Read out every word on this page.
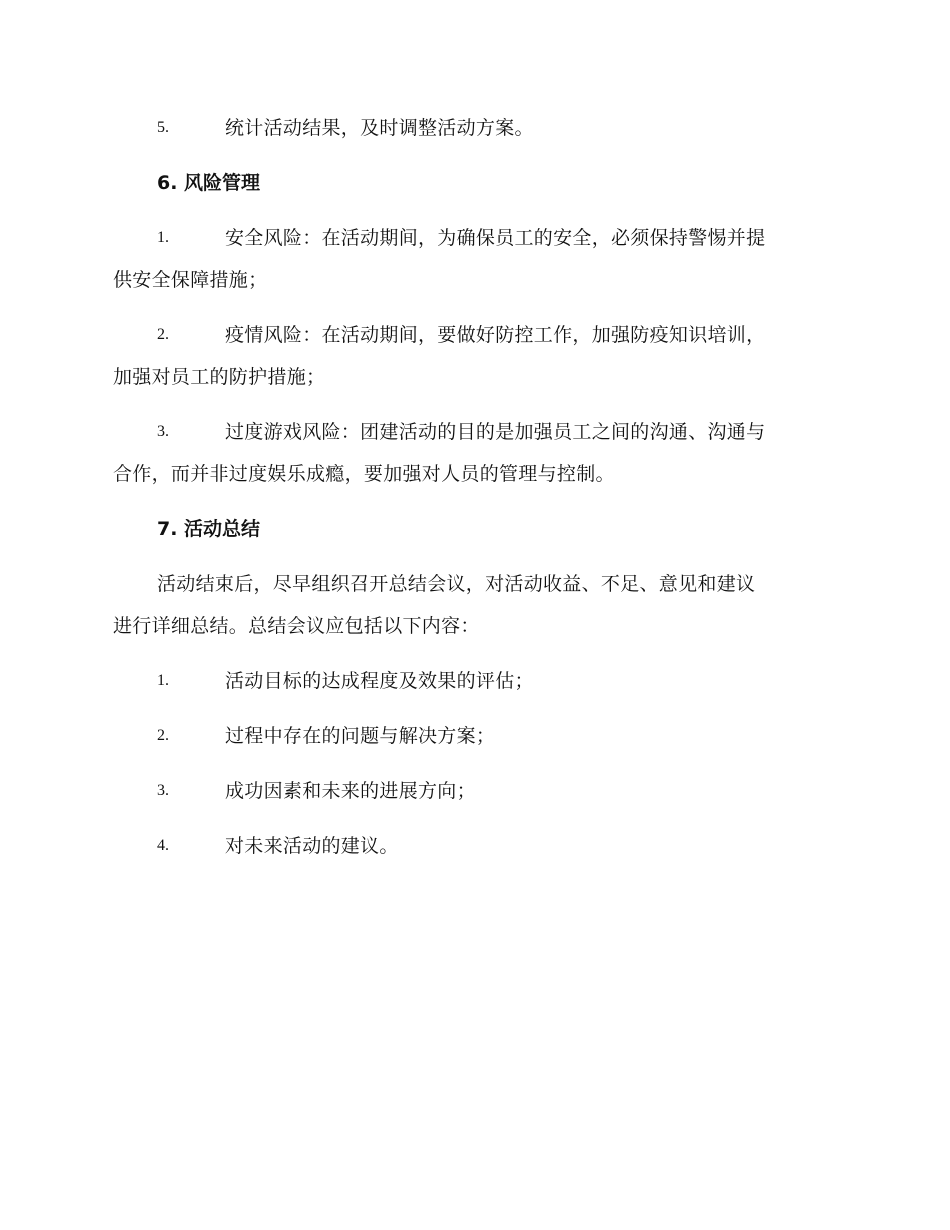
5.	统计活动结果，及时调整活动方案。
6. 风险管理
1.	安全风险：在活动期间，为确保员工的安全，必须保持警惕并提
供安全保障措施；
2.	疫情风险：在活动期间，要做好防控工作，加强防疫知识培训，
加强对员工的防护措施；
3.	过度游戏风险：团建活动的目的是加强员工之间的沟通、沟通与
合作，而并非过度娱乐成瘾，要加强对人员的管理与控制。
7. 活动总结
活动结束后，尽早组织召开总结会议，对活动收益、不足、意见和建议
进行详细总结。总结会议应包括以下内容：
1.	活动目标的达成程度及效果的评估；
2.	过程中存在的问题与解决方案；
3.	成功因素和未来的进展方向；
4.	对未来活动的建议。
